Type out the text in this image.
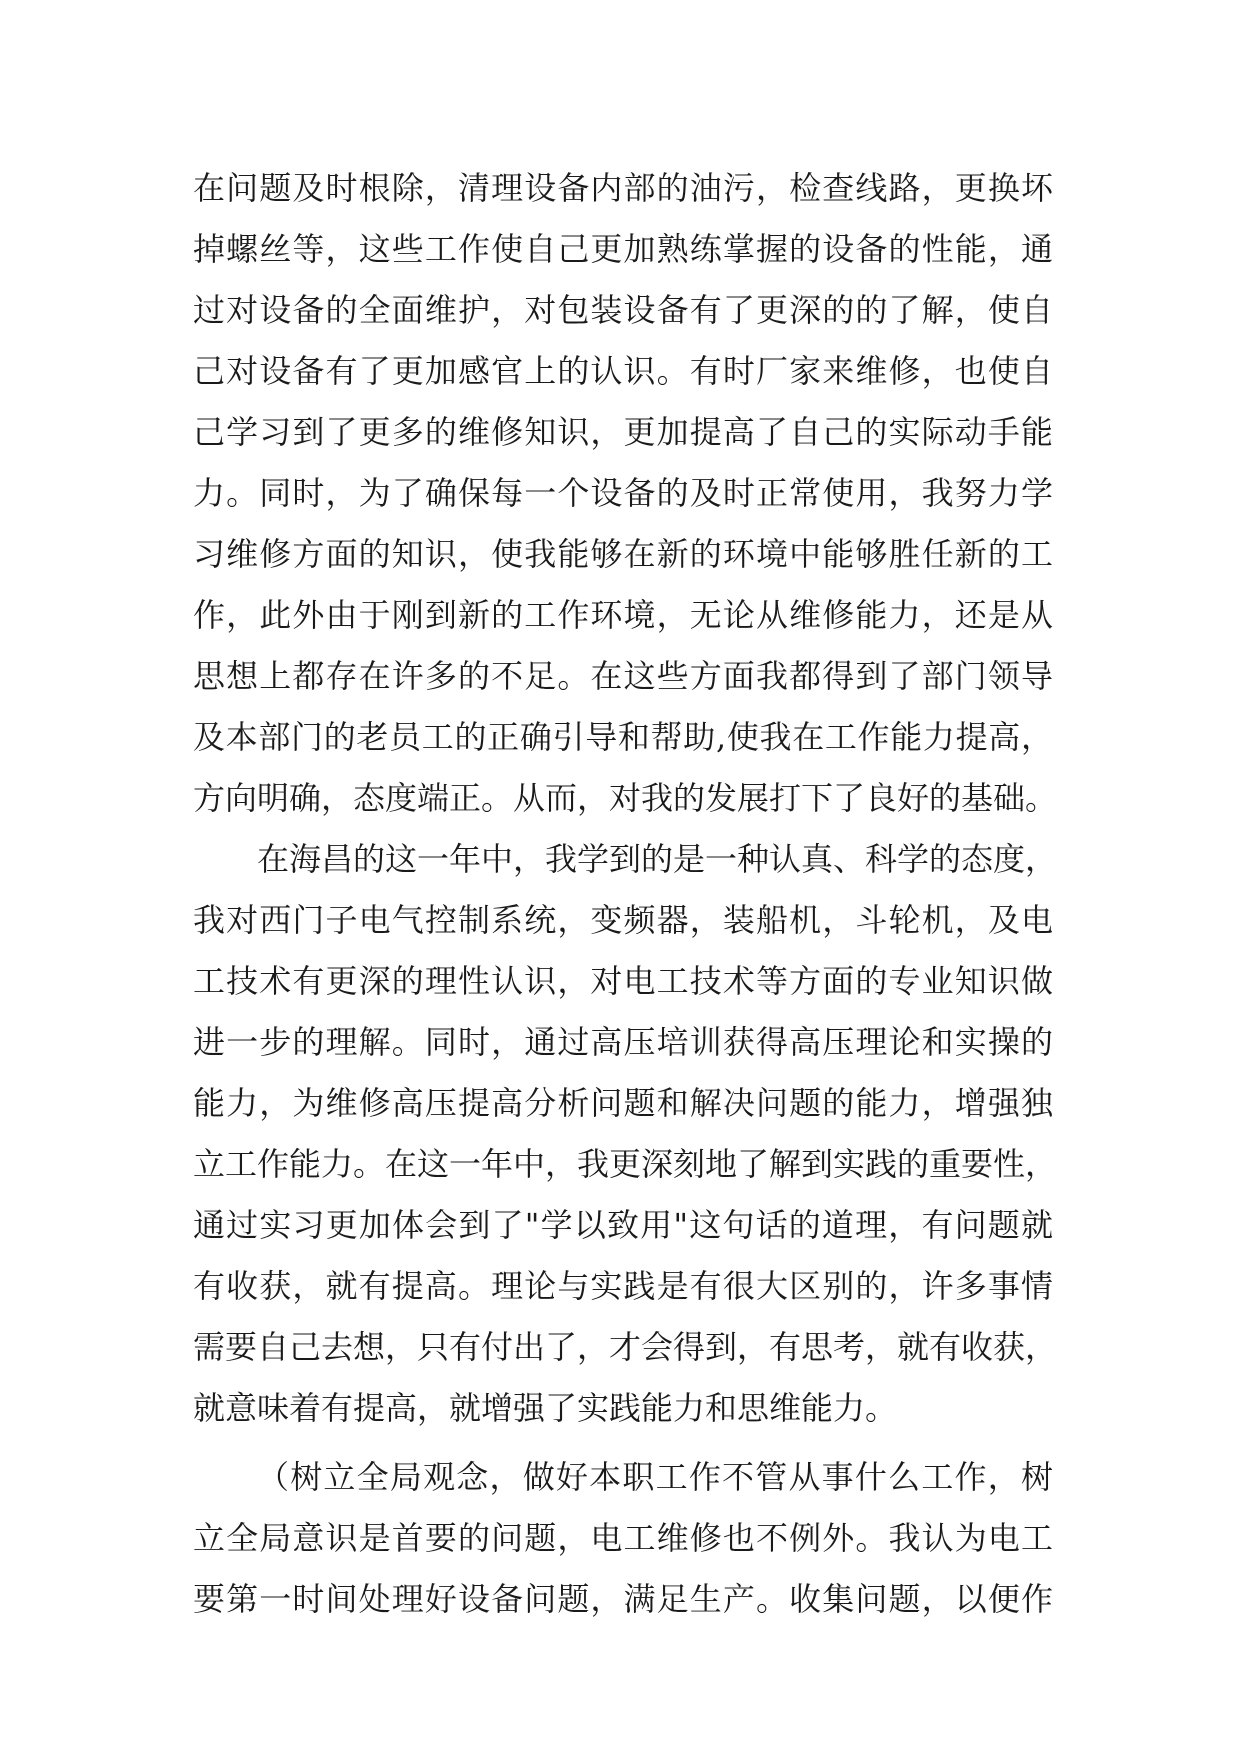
在问题及时根除，清理设备内部的油污，检查线路，更换坏
掉螺丝等，这些工作使自己更加熟练掌握的设备的性能，通
过对设备的全面维护，对包装设备有了更深的的了解，使自
己对设备有了更加感官上的认识。有时厂家来维修，也使自
己学习到了更多的维修知识，更加提高了自己的实际动手能
力。同时，为了确保每一个设备的及时正常使用，我努力学
习维修方面的知识，使我能够在新的环境中能够胜任新的工
作，此外由于刚到新的工作环境，无论从维修能力，还是从
思想上都存在许多的不足。在这些方面我都得到了部门领导
及本部门的老员工的正确引导和帮助,使我在工作能力提高，
方向明确，态度端正。从而，对我的发展打下了良好的基础。
在海昌的这一年中，我学到的是一种认真、科学的态度，
我对西门子电气控制系统，变频器，装船机，斗轮机，及电
工技术有更深的理性认识，对电工技术等方面的专业知识做
进一步的理解。同时，通过高压培训获得高压理论和实操的
能力，为维修高压提高分析问题和解决问题的能力，增强独
立工作能力。在这一年中，我更深刻地了解到实践的重要性，
通过实习更加体会到了"学以致用"这句话的道理，有问题就
有收获，就有提高。理论与实践是有很大区别的，许多事情
需要自己去想，只有付出了，才会得到，有思考，就有收获，
就意味着有提高，就增强了实践能力和思维能力。
（树立全局观念，做好本职工作不管从事什么工作，树
立全局意识是首要的问题，电工维修也不例外。我认为电工
要第一时间处理好设备问题，满足生产。收集问题，以便作
